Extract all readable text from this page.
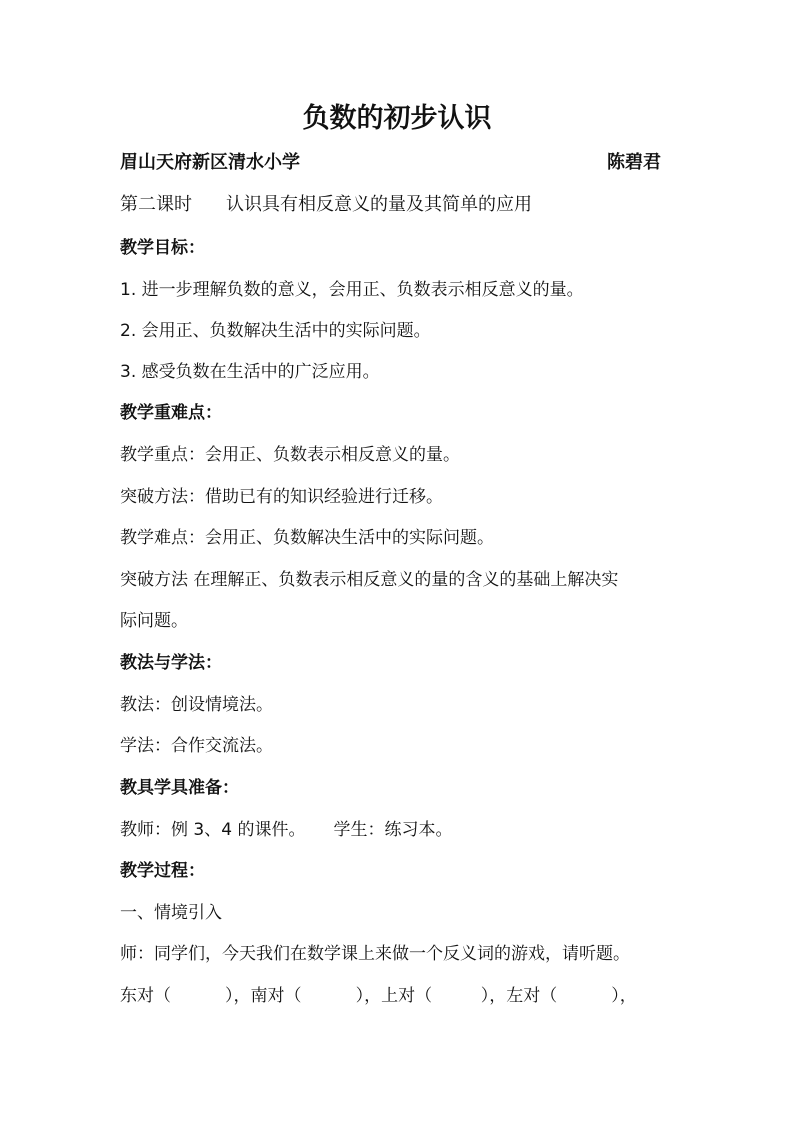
负数的初步认识
眉山天府新区清水小学	陈碧君
第二课时 认识具有相反意义的量及其简单的应用
教学目标：
1. 进一步理解负数的意义，会用正、负数表示相反意义的量。
2. 会用正、负数解决生活中的实际问题。
3. 感受负数在生活中的广泛应用。
教学重难点：
教学重点：会用正、负数表示相反意义的量。
突破方法：借助已有的知识经验进行迁移。
教学难点：会用正、负数解决生活中的实际问题。
突破方法 在理解正、负数表示相反意义的量的含义的基础上解决实
际问题。
教法与学法：
教法：创设情境法。
学法：合作交流法。
教具学具准备：
教师：例 3、4 的课件。 学生：练习本。
教学过程：
一、情境引入
师：同学们，今天我们在数学课上来做一个反义词的游戏，请听题。
东对（          ），南对（          ），上对（         ），左对（          ），
